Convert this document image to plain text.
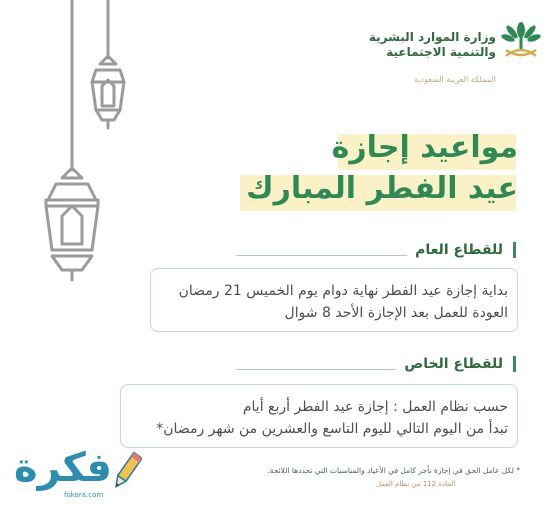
وزارة الموارد البشرية
والتنمية الاجتماعية
المملكة العربية السعودية
مواعيد إجازة
عيد الفطر المبارك
للقطاع العام
بداية إجازة عيد الفطر نهاية دوام يوم الخميس 21 رمضان
العودة للعمل بعد الإجازة الأحد 8 شوال
للقطاع الخاص
حسب نظام العمل : إجازة عيد الفطر أربع أيام
تبدأ من اليوم التالي لليوم التاسع والعشرين من شهر رمضان*
* لكل عامل الحق في إجازة بأجر كامل في الأعياد والمناسبات التي تحددها اللائحة.
المادة 112 من نظام العمل
فكرة
fokora.com
